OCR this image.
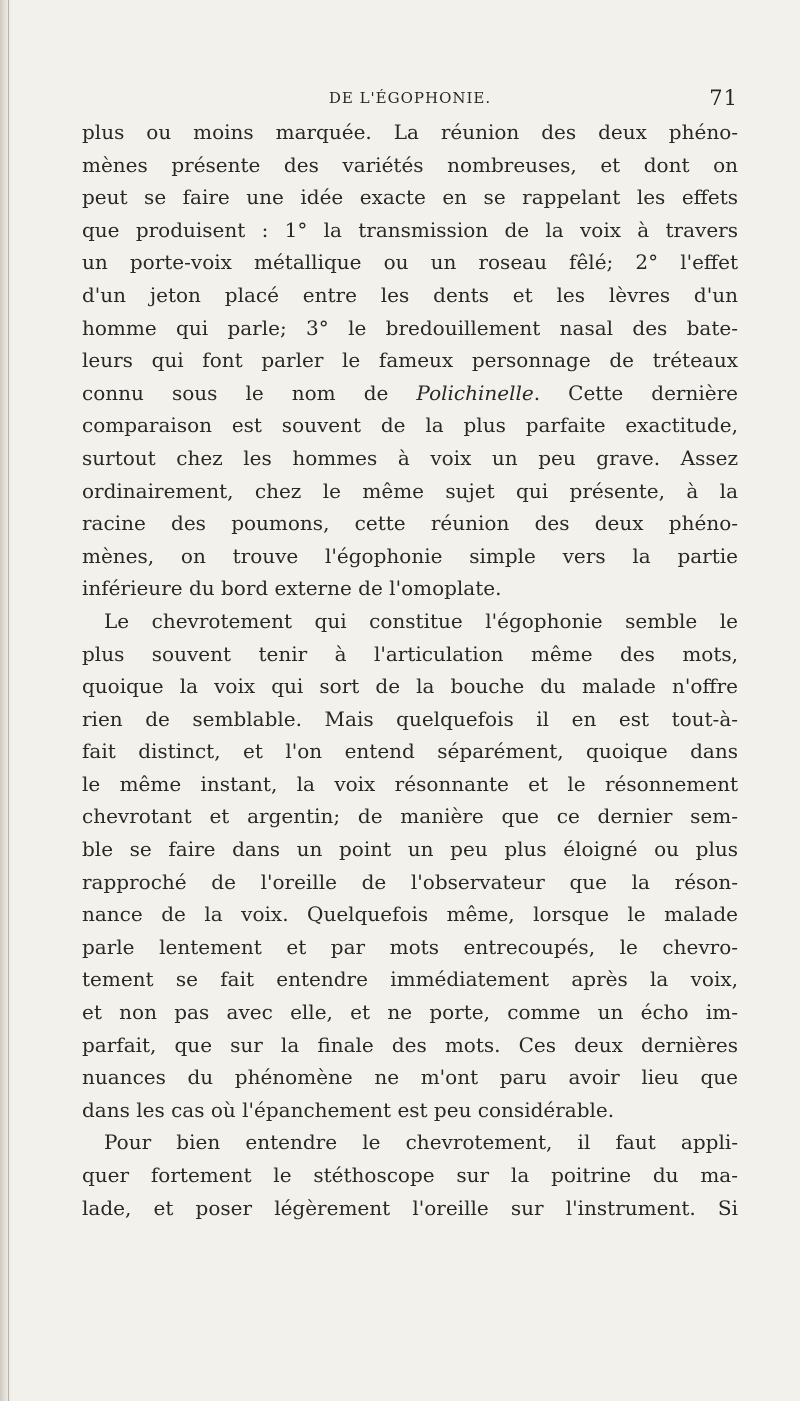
DE L'ÉGOPHONIE.	71
plus ou moins marquée. La réunion des deux phéno-
mènes présente des variétés nombreuses, et dont on
peut se faire une idée exacte en se rappelant les effets
que produisent : 1° la transmission de la voix à travers
un porte-voix métallique ou un roseau fêlé; 2° l'effet
d'un jeton placé entre les dents et les lèvres d'un
homme qui parle; 3° le bredouillement nasal des bate-
leurs qui font parler le fameux personnage de tréteaux
connu sous le nom de Polichinelle. Cette dernière
comparaison est souvent de la plus parfaite exactitude,
surtout chez les hommes à voix un peu grave. Assez
ordinairement, chez le même sujet qui présente, à la
racine des poumons, cette réunion des deux phéno-
mènes, on trouve l'égophonie simple vers la partie
inférieure du bord externe de l'omoplate.
Le chevrotement qui constitue l'égophonie semble le
plus souvent tenir à l'articulation même des mots,
quoique la voix qui sort de la bouche du malade n'offre
rien de semblable. Mais quelquefois il en est tout-à-
fait distinct, et l'on entend séparément, quoique dans
le même instant, la voix résonnante et le résonnement
chevrotant et argentin; de manière que ce dernier sem-
ble se faire dans un point un peu plus éloigné ou plus
rapproché de l'oreille de l'observateur que la réson-
nance de la voix. Quelquefois même, lorsque le malade
parle lentement et par mots entrecoupés, le chevro-
tement se fait entendre immédiatement après la voix,
et non pas avec elle, et ne porte, comme un écho im-
parfait, que sur la finale des mots. Ces deux dernières
nuances du phénomène ne m'ont paru avoir lieu que
dans les cas où l'épanchement est peu considérable.
Pour bien entendre le chevrotement, il faut appli-
quer fortement le stéthoscope sur la poitrine du ma-
lade, et poser légèrement l'oreille sur l'instrument. Si
